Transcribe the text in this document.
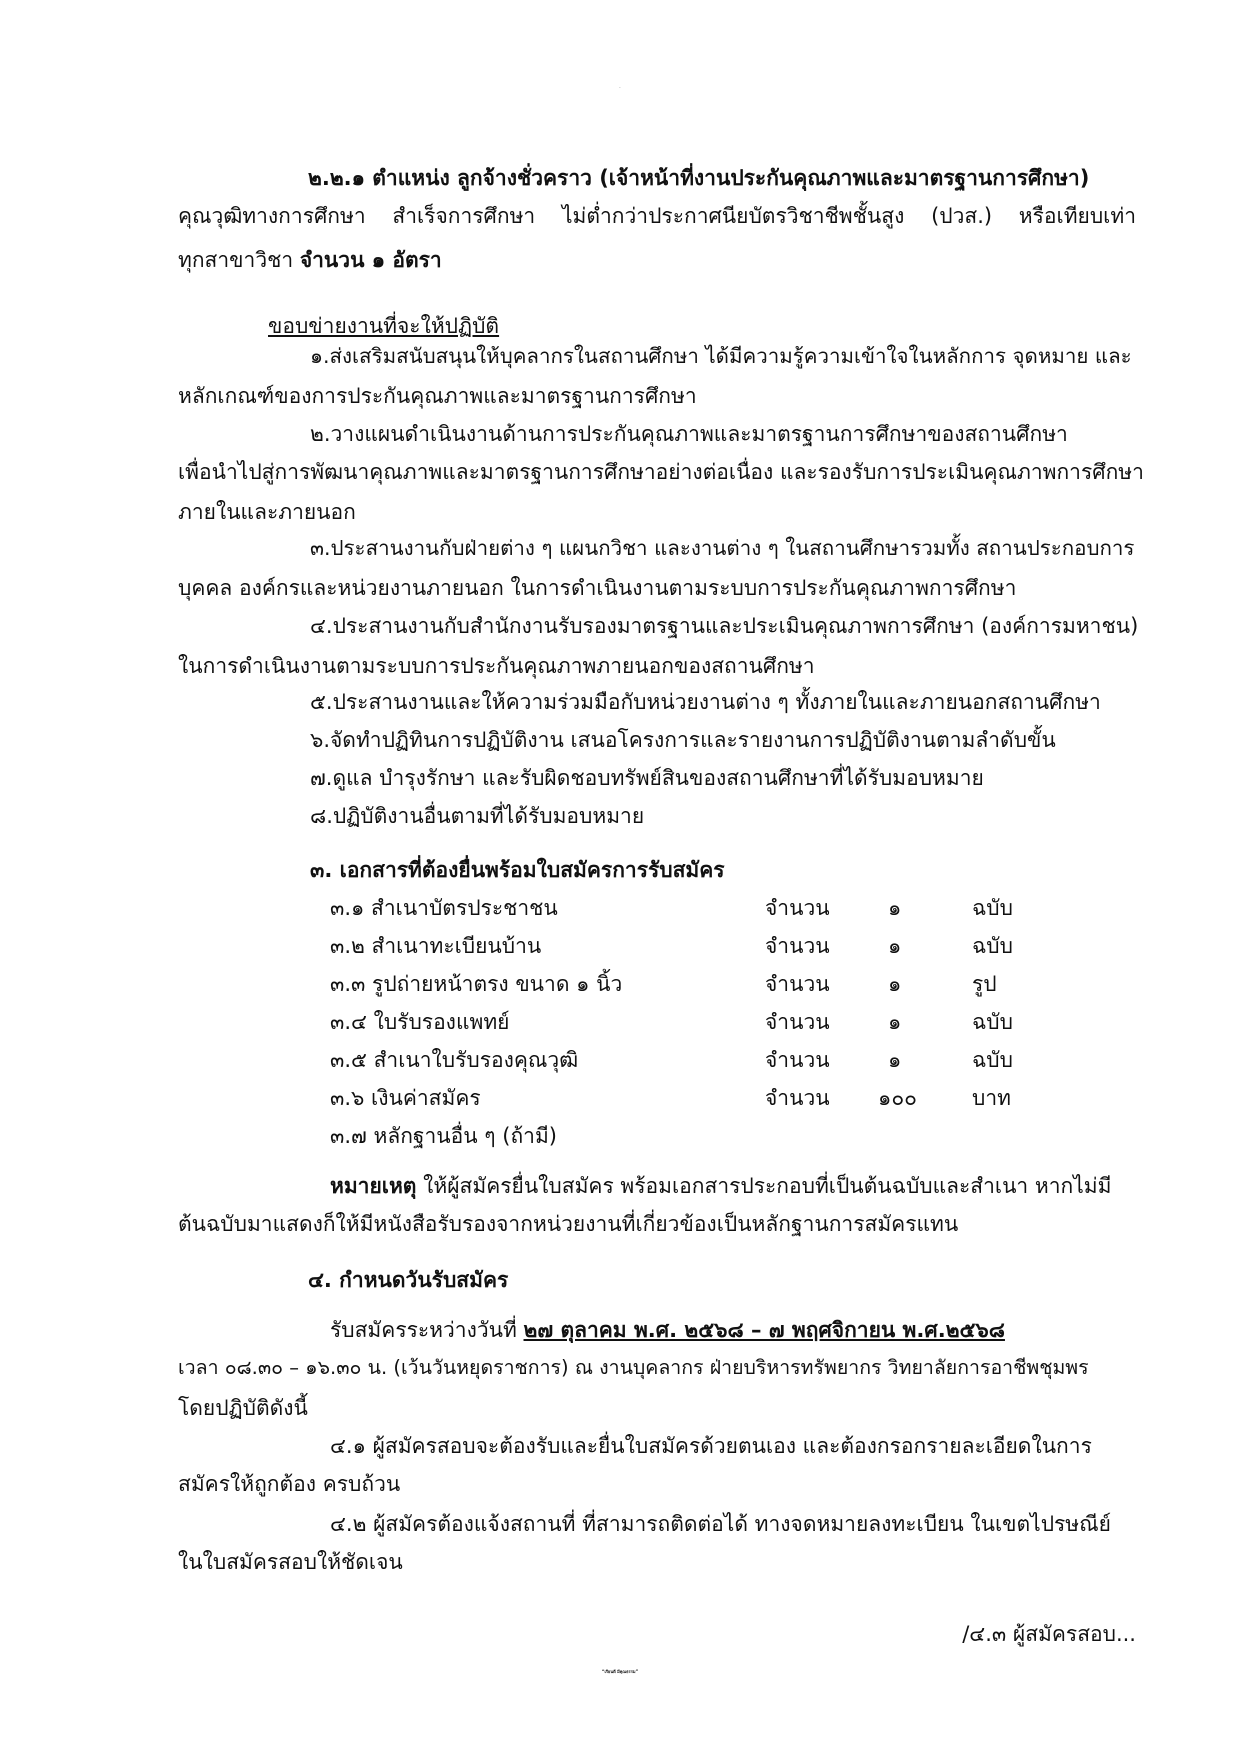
- ๒ -
๒.๒.๑ ตำแหน่ง ลูกจ้างชั่วคราว (เจ้าหน้าที่งานประกันคุณภาพและมาตรฐานการศึกษา)
คุณวุฒิทางการศึกษา สำเร็จการศึกษา ไม่ต่ำกว่าประกาศนียบัตรวิชาชีพชั้นสูง (ปวส.) หรือเทียบเท่า
ทุกสาขาวิชา จำนวน ๑ อัตรา
ขอบข่ายงานที่จะให้ปฏิบัติ
๑.ส่งเสริมสนับสนุนให้บุคลากรในสถานศึกษา ได้มีความรู้ความเข้าใจในหลักการ จุดหมาย และ
หลักเกณฑ์ของการประกันคุณภาพและมาตรฐานการศึกษา
๒.วางแผนดำเนินงานด้านการประกันคุณภาพและมาตรฐานการศึกษาของสถานศึกษา
เพื่อนำไปสู่การพัฒนาคุณภาพและมาตรฐานการศึกษาอย่างต่อเนื่อง และรองรับการประเมินคุณภาพการศึกษา
ภายในและภายนอก
๓.ประสานงานกับฝ่ายต่าง ๆ แผนกวิชา และงานต่าง ๆ ในสถานศึกษารวมทั้ง สถานประกอบการ
บุคคล องค์กรและหน่วยงานภายนอก ในการดำเนินงานตามระบบการประกันคุณภาพการศึกษา
๔.ประสานงานกับสำนักงานรับรองมาตรฐานและประเมินคุณภาพการศึกษา (องค์การมหาชน)
ในการดำเนินงานตามระบบการประกันคุณภาพภายนอกของสถานศึกษา
๕.ประสานงานและให้ความร่วมมือกับหน่วยงานต่าง ๆ ทั้งภายในและภายนอกสถานศึกษา
๖.จัดทำปฏิทินการปฏิบัติงาน เสนอโครงการและรายงานการปฏิบัติงานตามลำดับขั้น
๗.ดูแล บำรุงรักษา และรับผิดชอบทรัพย์สินของสถานศึกษาที่ได้รับมอบหมาย
๘.ปฏิบัติงานอื่นตามที่ได้รับมอบหมาย
๓. เอกสารที่ต้องยื่นพร้อมใบสมัครการรับสมัคร
๓.๑ สำเนาบัตรประชาชน	จำนวน	๑	ฉบับ
๓.๒ สำเนาทะเบียนบ้าน	จำนวน	๑	ฉบับ
๓.๓ รูปถ่ายหน้าตรง ขนาด ๑ นิ้ว	จำนวน	๑	รูป
๓.๔ ใบรับรองแพทย์	จำนวน	๑	ฉบับ
๓.๕ สำเนาใบรับรองคุณวุฒิ	จำนวน	๑	ฉบับ
๓.๖ เงินค่าสมัคร	จำนวน ๑๐๐	บาท
๓.๗ หลักฐานอื่น ๆ (ถ้ามี)
หมายเหตุ ให้ผู้สมัครยื่นใบสมัคร พร้อมเอกสารประกอบที่เป็นต้นฉบับและสำเนา หากไม่มี
ต้นฉบับมาแสดงก็ให้มีหนังสือรับรองจากหน่วยงานที่เกี่ยวข้องเป็นหลักฐานการสมัครแทน
๔. กำหนดวันรับสมัคร
รับสมัครระหว่างวันที่ ๒๗ ตุลาคม พ.ศ. ๒๕๖๘ – ๗ พฤศจิกายน พ.ศ.๒๕๖๘
เวลา ๐๘.๓๐ – ๑๖.๓๐ น. (เว้นวันหยุดราชการ) ณ งานบุคลากร ฝ่ายบริหารทรัพยากร วิทยาลัยการอาชีพชุมพร
โดยปฏิบัติดังนี้
๔.๑ ผู้สมัครสอบจะต้องรับและยื่นใบสมัครด้วยตนเอง และต้องกรอกรายละเอียดในการ
สมัครให้ถูกต้อง ครบถ้วน
๔.๒ ผู้สมัครต้องแจ้งสถานที่ ที่สามารถติดต่อได้ ทางจดหมายลงทะเบียน ในเขตไปรษณีย์
ในใบสมัครสอบให้ชัดเจน
/๔.๓ ผู้สมัครสอบ...
“เรียนดี มีคุณธรรม”
